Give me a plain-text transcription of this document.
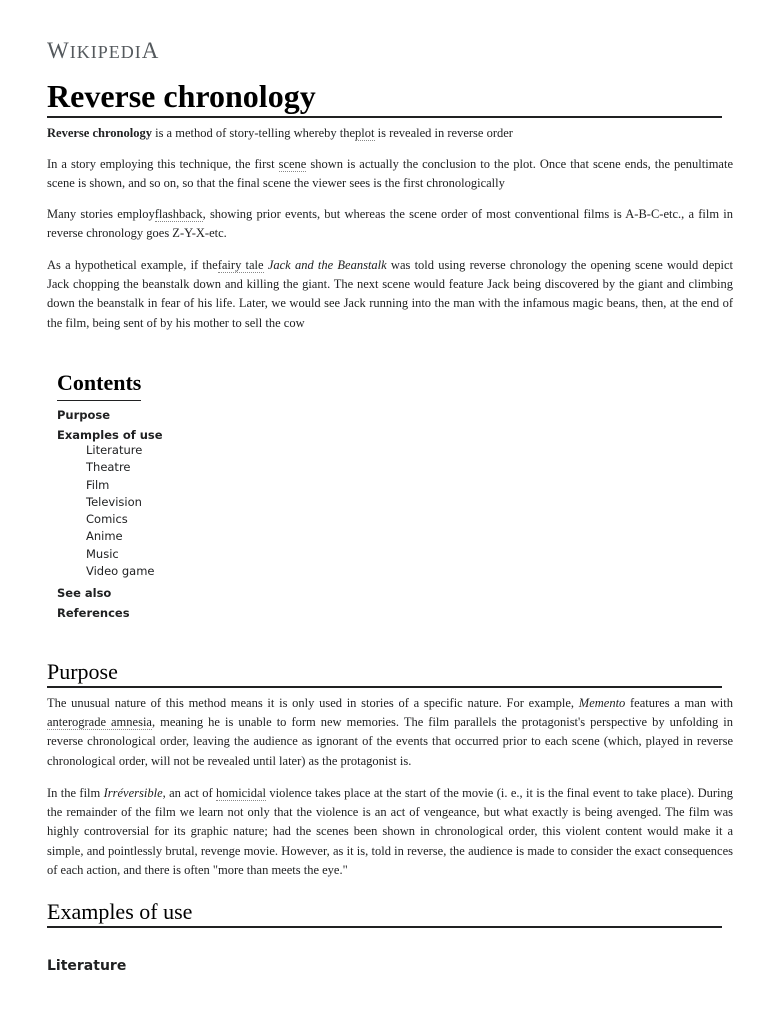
WIKIPEDIA
Reverse chronology

Reverse chronology is a method of story-telling whereby theplot is revealed in reverse order

In a story employing this technique, the first scene shown is actually the conclusion to the plot. Once that scene ends, the penultimate scene is shown, and so on, so that the final scene the viewer sees is the first chronologically

Many stories employflashback, showing prior events, but whereas the scene order of most conventional films is A-B-C-etc., a film in reverse chronology goes Z-Y-X-etc.

As a hypothetical example, if thefairy tale Jack and the Beanstalk was told using reverse chronology the opening scene would depict Jack chopping the beanstalk down and killing the giant. The next scene would feature Jack being discovered by the giant and climbing down the beanstalk in fear of his life. Later, we would see Jack running into the man with the infamous magic beans, then, at the end of the film, being sent of by his mother to sell the cow

Contents
Purpose
Examples of use
Literature
Theatre
Film
Television
Comics
Anime
Music
Video game
See also
References
Purpose

The unusual nature of this method means it is only used in stories of a specific nature. For example, Memento features a man with anterograde amnesia, meaning he is unable to form new memories. The film parallels the protagonist's perspective by unfolding in reverse chronological order, leaving the audience as ignorant of the events that occurred prior to each scene (which, played in reverse chronological order, will not be revealed until later) as the protagonist is.

In the film Irréversible, an act of homicidal violence takes place at the start of the movie (i. e., it is the final event to take place). During the remainder of the film we learn not only that the violence is an act of vengeance, but what exactly is being avenged. The film was highly controversial for its graphic nature; had the scenes been shown in chronological order, this violent content would make it a simple, and pointlessly brutal, revenge movie. However, as it is, told in reverse, the audience is made to consider the exact consequences of each action, and there is often "more than meets the eye."

Examples of use
Literature
